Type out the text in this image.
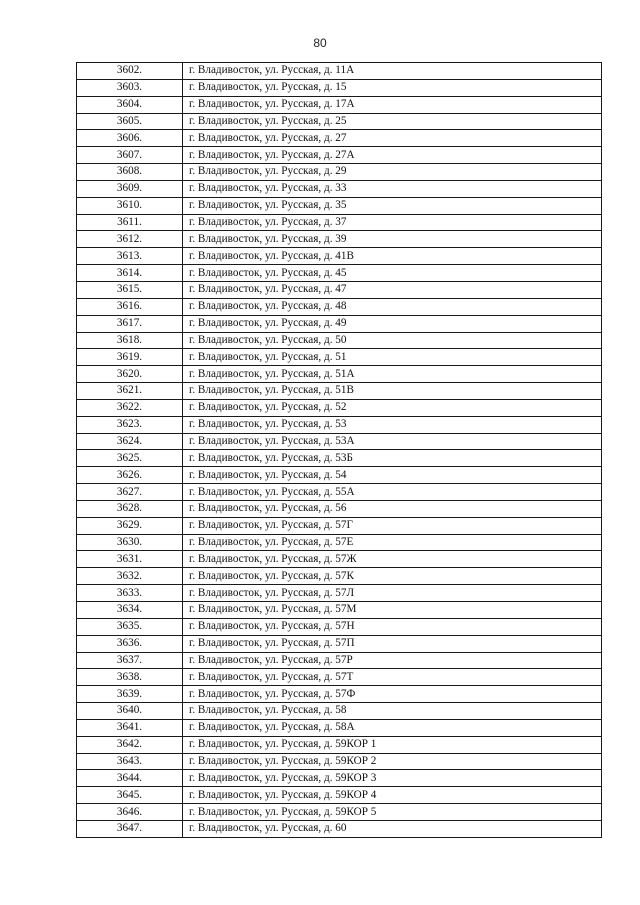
80
3602.	г. Владивосток, ул. Русская, д. 11А
3603.	г. Владивосток, ул. Русская, д. 15
3604.	г. Владивосток, ул. Русская, д. 17А
3605.	г. Владивосток, ул. Русская, д. 25
3606.	г. Владивосток, ул. Русская, д. 27
3607.	г. Владивосток, ул. Русская, д. 27А
3608.	г. Владивосток, ул. Русская, д. 29
3609.	г. Владивосток, ул. Русская, д. 33
3610.	г. Владивосток, ул. Русская, д. 35
3611.	г. Владивосток, ул. Русская, д. 37
3612.	г. Владивосток, ул. Русская, д. 39
3613.	г. Владивосток, ул. Русская, д. 41В
3614.	г. Владивосток, ул. Русская, д. 45
3615.	г. Владивосток, ул. Русская, д. 47
3616.	г. Владивосток, ул. Русская, д. 48
3617.	г. Владивосток, ул. Русская, д. 49
3618.	г. Владивосток, ул. Русская, д. 50
3619.	г. Владивосток, ул. Русская, д. 51
3620.	г. Владивосток, ул. Русская, д. 51А
3621.	г. Владивосток, ул. Русская, д. 51В
3622.	г. Владивосток, ул. Русская, д. 52
3623.	г. Владивосток, ул. Русская, д. 53
3624.	г. Владивосток, ул. Русская, д. 53А
3625.	г. Владивосток, ул. Русская, д. 53Б
3626.	г. Владивосток, ул. Русская, д. 54
3627.	г. Владивосток, ул. Русская, д. 55А
3628.	г. Владивосток, ул. Русская, д. 56
3629.	г. Владивосток, ул. Русская, д. 57Г
3630.	г. Владивосток, ул. Русская, д. 57Е
3631.	г. Владивосток, ул. Русская, д. 57Ж
3632.	г. Владивосток, ул. Русская, д. 57К
3633.	г. Владивосток, ул. Русская, д. 57Л
3634.	г. Владивосток, ул. Русская, д. 57М
3635.	г. Владивосток, ул. Русская, д. 57Н
3636.	г. Владивосток, ул. Русская, д. 57П
3637.	г. Владивосток, ул. Русская, д. 57Р
3638.	г. Владивосток, ул. Русская, д. 57Т
3639.	г. Владивосток, ул. Русская, д. 57Ф
3640.	г. Владивосток, ул. Русская, д. 58
3641.	г. Владивосток, ул. Русская, д. 58А
3642.	г. Владивосток, ул. Русская, д. 59КОР 1
3643.	г. Владивосток, ул. Русская, д. 59КОР 2
3644.	г. Владивосток, ул. Русская, д. 59КОР 3
3645.	г. Владивосток, ул. Русская, д. 59КОР 4
3646.	г. Владивосток, ул. Русская, д. 59КОР 5
3647.	г. Владивосток, ул. Русская, д. 60
